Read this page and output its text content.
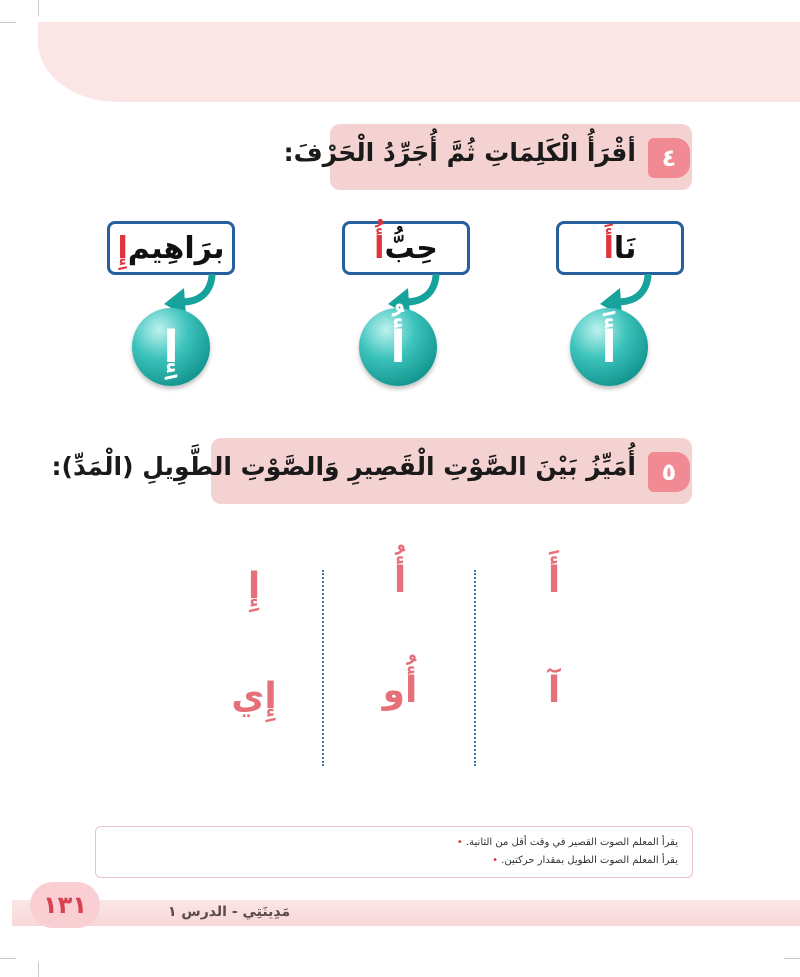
٤
أقْرَأُ الْكَلِمَاتِ ثُمَّ أُجَرِّدُ الْحَرْفَ:
نَا
أَ
حِبُّ
أُ
برَاهِيم
إِ
أَ
أُ
إِ
٥
أُمَيِّزُ بَيْنَ الصَّوْتِ الْقَصِيرِ وَالصَّوْتِ الطَّوِيلِ (الْمَدِّ):
أَ
أُ
إِ
آ
أُو
إِي
يقرأ المعلم الصوت القصير في وقت أقل من الثانية. •
يقرأ المعلم الصوت الطويل بمقدار حركتين. •
١٣١	مَدِينَتِي - الدرس ١
